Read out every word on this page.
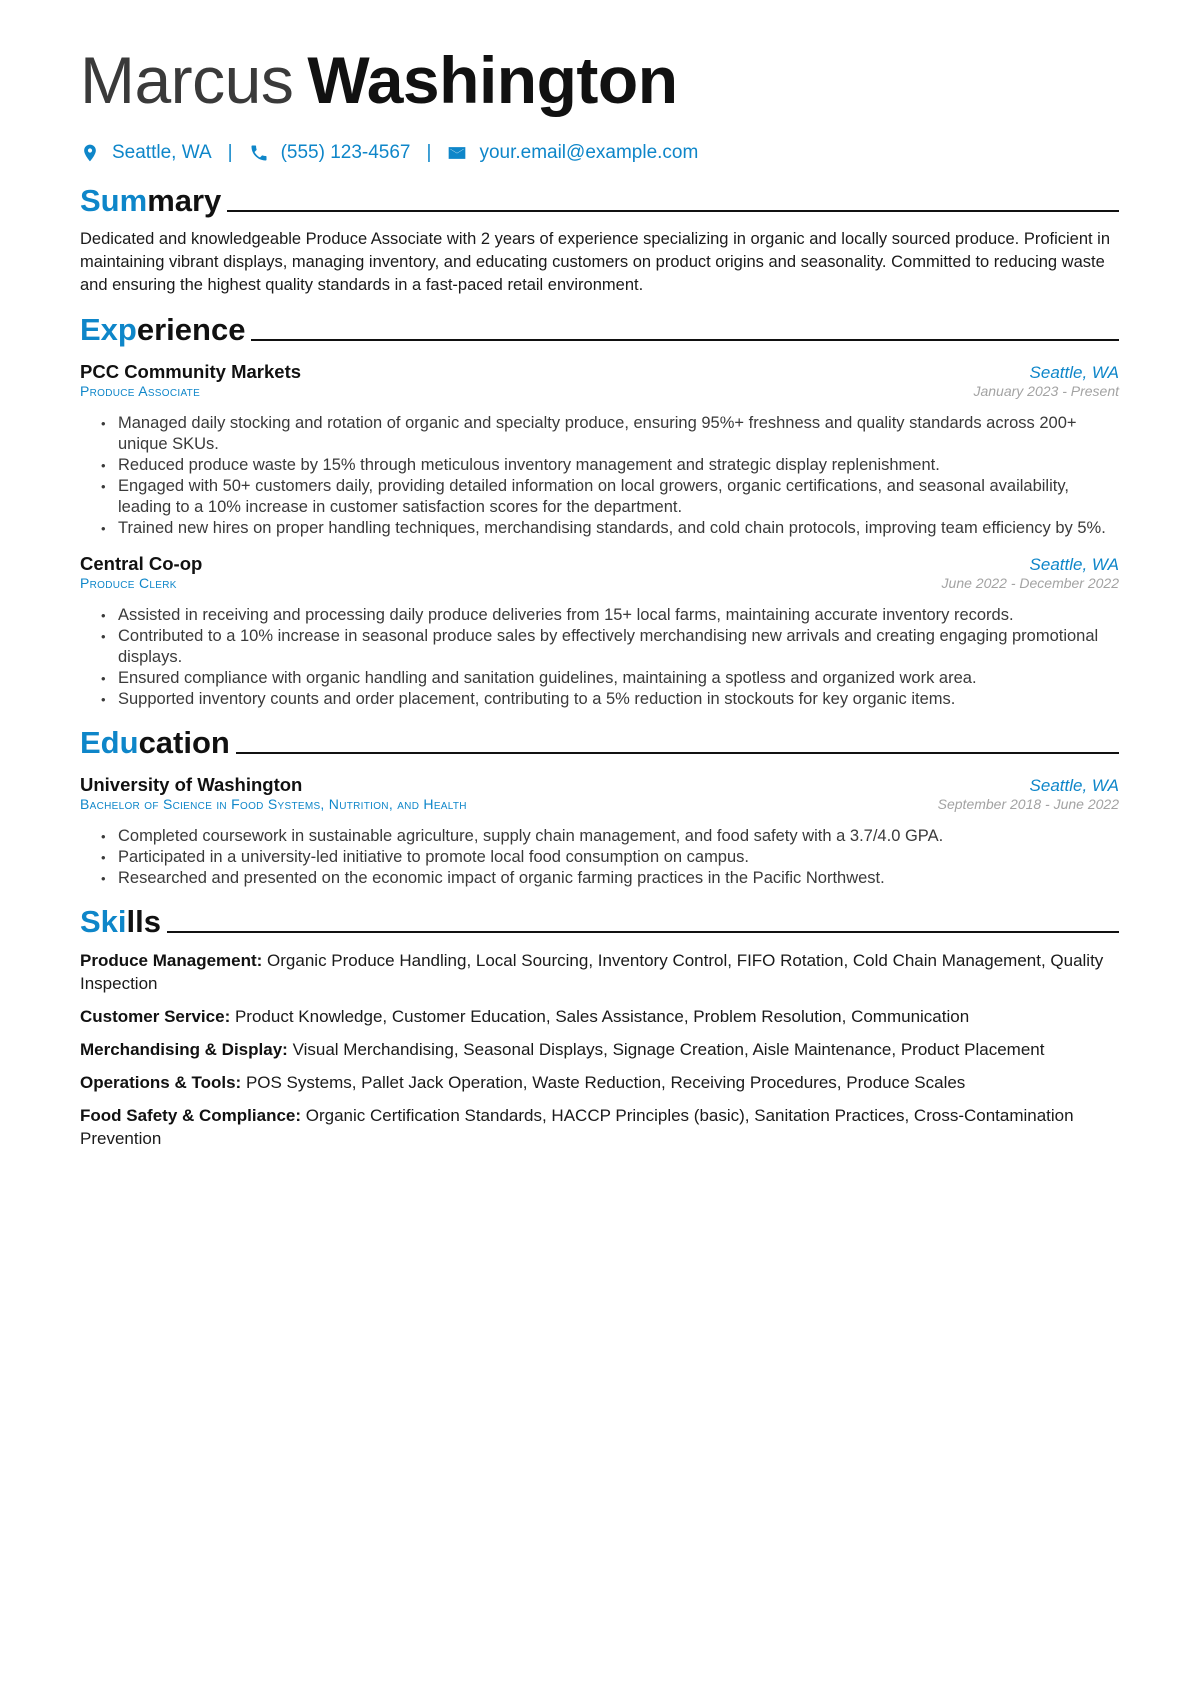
Marcus Washington
Seattle, WA |	(555) 123-4567 |	your.email@example.com
Summary
Dedicated and knowledgeable Produce Associate with 2 years of experience specializing in organic and locally sourced produce. Proficient in maintaining vibrant displays, managing inventory, and educating customers on product origins and seasonality. Committed to reducing waste and ensuring the highest quality standards in a fast-paced retail environment.
Experience
PCC Community Markets	Seattle, WA
Produce Associate	January 2023 - Present
• Managed daily stocking and rotation of organic and specialty produce, ensuring 95%+ freshness and quality standards across 200+ unique SKUs.
• Reduced produce waste by 15% through meticulous inventory management and strategic display replenishment.
• Engaged with 50+ customers daily, providing detailed information on local growers, organic certifications, and seasonal availability, leading to a 10% increase in customer satisfaction scores for the department.
• Trained new hires on proper handling techniques, merchandising standards, and cold chain protocols, improving team efficiency by 5%.
Central Co-op	Seattle, WA
Produce Clerk	June 2022 - December 2022
• Assisted in receiving and processing daily produce deliveries from 15+ local farms, maintaining accurate inventory records.
• Contributed to a 10% increase in seasonal produce sales by effectively merchandising new arrivals and creating engaging promotional displays.
• Ensured compliance with organic handling and sanitation guidelines, maintaining a spotless and organized work area.
• Supported inventory counts and order placement, contributing to a 5% reduction in stockouts for key organic items.
Education
University of Washington	Seattle, WA
Bachelor of Science in Food Systems, Nutrition, and Health	September 2018 - June 2022
• Completed coursework in sustainable agriculture, supply chain management, and food safety with a 3.7/4.0 GPA.
• Participated in a university-led initiative to promote local food consumption on campus.
• Researched and presented on the economic impact of organic farming practices in the Pacific Northwest.
Skills
Produce Management: Organic Produce Handling, Local Sourcing, Inventory Control, FIFO Rotation, Cold Chain Management, Quality Inspection
Customer Service: Product Knowledge, Customer Education, Sales Assistance, Problem Resolution, Communication
Merchandising & Display: Visual Merchandising, Seasonal Displays, Signage Creation, Aisle Maintenance, Product Placement
Operations & Tools: POS Systems, Pallet Jack Operation, Waste Reduction, Receiving Procedures, Produce Scales
Food Safety & Compliance: Organic Certification Standards, HACCP Principles (basic), Sanitation Practices, Cross-Contamination Prevention
